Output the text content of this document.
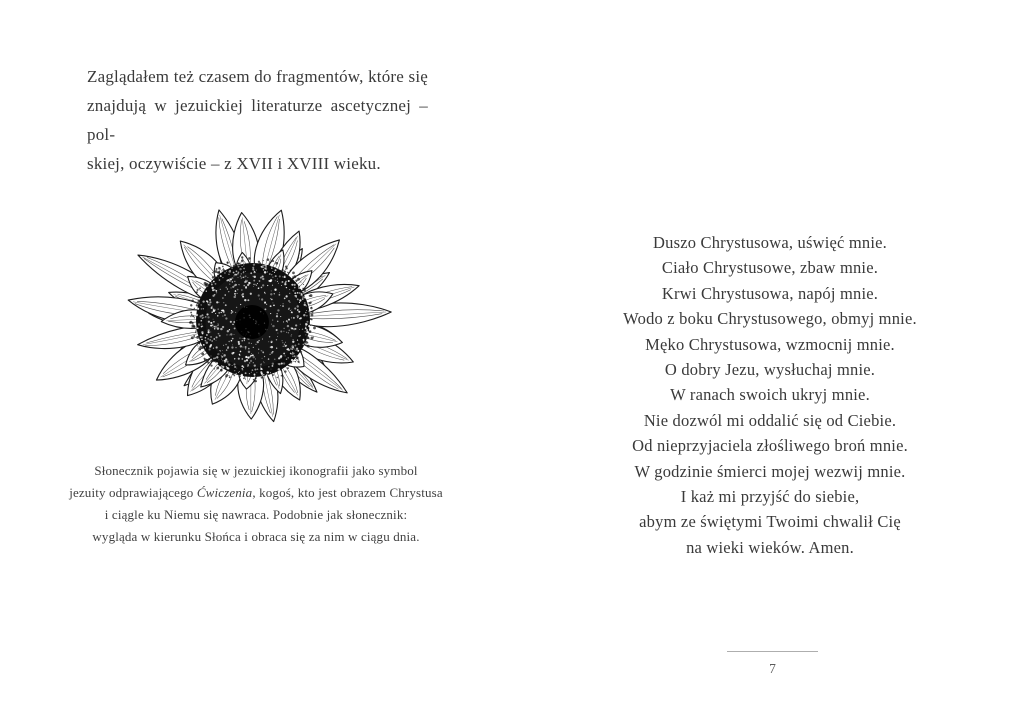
Zaglądałem też czasem do fragmentów, które się
znajdują w jezuickiej literaturze ascetycznej – pol-
skiej, oczywiście – z XVII i XVIII wieku.
Słonecznik pojawia się w jezuickiej ikonografii jako symbol
jezuity odprawiającego Ćwiczenia, kogoś, kto jest obrazem Chrystusa
i ciągle ku Niemu się nawraca. Podobnie jak słonecznik:
wygląda w kierunku Słońca i obraca się za nim w ciągu dnia.
Duszo Chrystusowa, uświęć mnie.
Ciało Chrystusowe, zbaw mnie.
Krwi Chrystusowa, napój mnie.
Wodo z boku Chrystusowego, obmyj mnie.
Męko Chrystusowa, wzmocnij mnie.
O dobry Jezu, wysłuchaj mnie.
W ranach swoich ukryj mnie.
Nie dozwól mi oddalić się od Ciebie.
Od nieprzyjaciela złośliwego broń mnie.
W godzinie śmierci mojej wezwij mnie.
I każ mi przyjść do siebie,
abym ze świętymi Twoimi chwalił Cię
na wieki wieków. Amen.
7
